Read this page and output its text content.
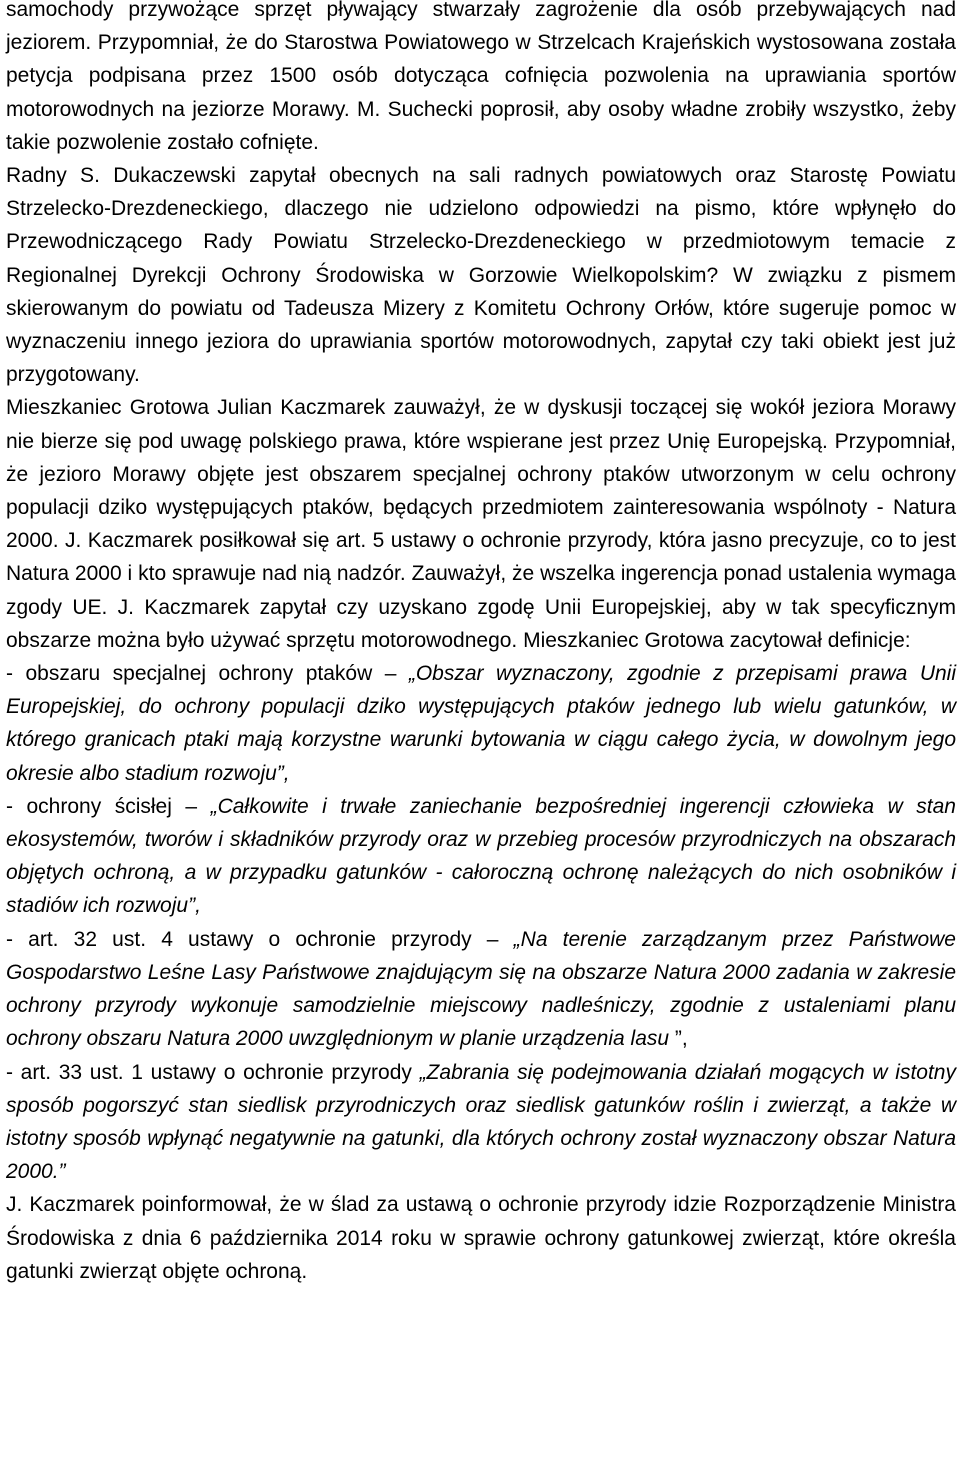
samochody przywożące sprzęt pływający stwarzały zagrożenie dla osób przebywających nad jeziorem. Przypomniał, że do Starostwa Powiatowego w Strzelcach Krajeńskich wystosowana została petycja podpisana przez 1500 osób dotycząca cofnięcia pozwolenia na uprawiania sportów motorowodnych na jeziorze Morawy. M. Suchecki poprosił, aby osoby władne zrobiły wszystko, żeby takie pozwolenie zostało cofnięte.

Radny S. Dukaczewski zapytał obecnych na sali radnych powiatowych oraz Starostę Powiatu Strzelecko-Drezdeneckiego, dlaczego nie udzielono odpowiedzi na pismo, które wpłynęło do Przewodniczącego Rady Powiatu Strzelecko-Drezdeneckiego w przedmiotowym temacie z Regionalnej Dyrekcji Ochrony Środowiska w Gorzowie Wielkopolskim? W związku z pismem skierowanym do powiatu od Tadeusza Mizery z Komitetu Ochrony Orłów, które sugeruje pomoc w wyznaczeniu innego jeziora do uprawiania sportów motorowodnych, zapytał czy taki obiekt jest już przygotowany.

Mieszkaniec Grotowa Julian Kaczmarek zauważył, że w dyskusji toczącej się wokół jeziora Morawy nie bierze się pod uwagę polskiego prawa, które wspierane jest przez Unię Europejską. Przypomniał, że jezioro Morawy objęte jest obszarem specjalnej ochrony ptaków utworzonym w celu ochrony populacji dziko występujących ptaków, będących przedmiotem zainteresowania wspólnoty - Natura 2000. J. Kaczmarek posiłkował się art. 5 ustawy o ochronie przyrody, która jasno precyzuje, co to jest Natura 2000 i kto sprawuje nad nią nadzór. Zauważył, że wszelka ingerencja ponad ustalenia wymaga zgody UE. J. Kaczmarek zapytał czy uzyskano zgodę Unii Europejskiej, aby w tak specyficznym obszarze można było używać sprzętu motorowodnego. Mieszkaniec Grotowa zacytował definicje:

- obszaru specjalnej ochrony ptaków – „Obszar wyznaczony, zgodnie z przepisami prawa Unii Europejskiej, do ochrony populacji dziko występujących ptaków jednego lub wielu gatunków, w którego granicach ptaki mają korzystne warunki bytowania w ciągu całego życia, w dowolnym jego okresie albo stadium rozwoju”,

- ochrony ścisłej – „Całkowite i trwałe zaniechanie bezpośredniej ingerencji człowieka w stan ekosystemów, tworów i składników przyrody oraz w przebieg procesów przyrodniczych na obszarach objętych ochroną, a w przypadku gatunków - całoroczną ochronę należących do nich osobników i stadiów ich rozwoju”,

- art. 32 ust. 4 ustawy o ochronie przyrody – „Na terenie zarządzanym przez Państwowe Gospodarstwo Leśne Lasy Państwowe znajdującym się na obszarze Natura 2000 zadania w zakresie ochrony przyrody wykonuje samodzielnie miejscowy nadleśniczy, zgodnie z ustaleniami planu ochrony obszaru Natura 2000 uwzględnionym w planie urządzenia lasu ”,

- art. 33 ust. 1 ustawy o ochronie przyrody „Zabrania się podejmowania działań mogących w istotny sposób pogorszyć stan siedlisk przyrodniczych oraz siedlisk gatunków roślin i zwierząt, a także w istotny sposób wpłynąć negatywnie na gatunki, dla których ochrony został wyznaczony obszar Natura 2000.”

J. Kaczmarek poinformował, że w ślad za ustawą o ochronie przyrody idzie Rozporządzenie Ministra Środowiska z dnia 6 października 2014 roku w sprawie ochrony gatunkowej zwierząt, które określa gatunki zwierząt objęte ochroną.
